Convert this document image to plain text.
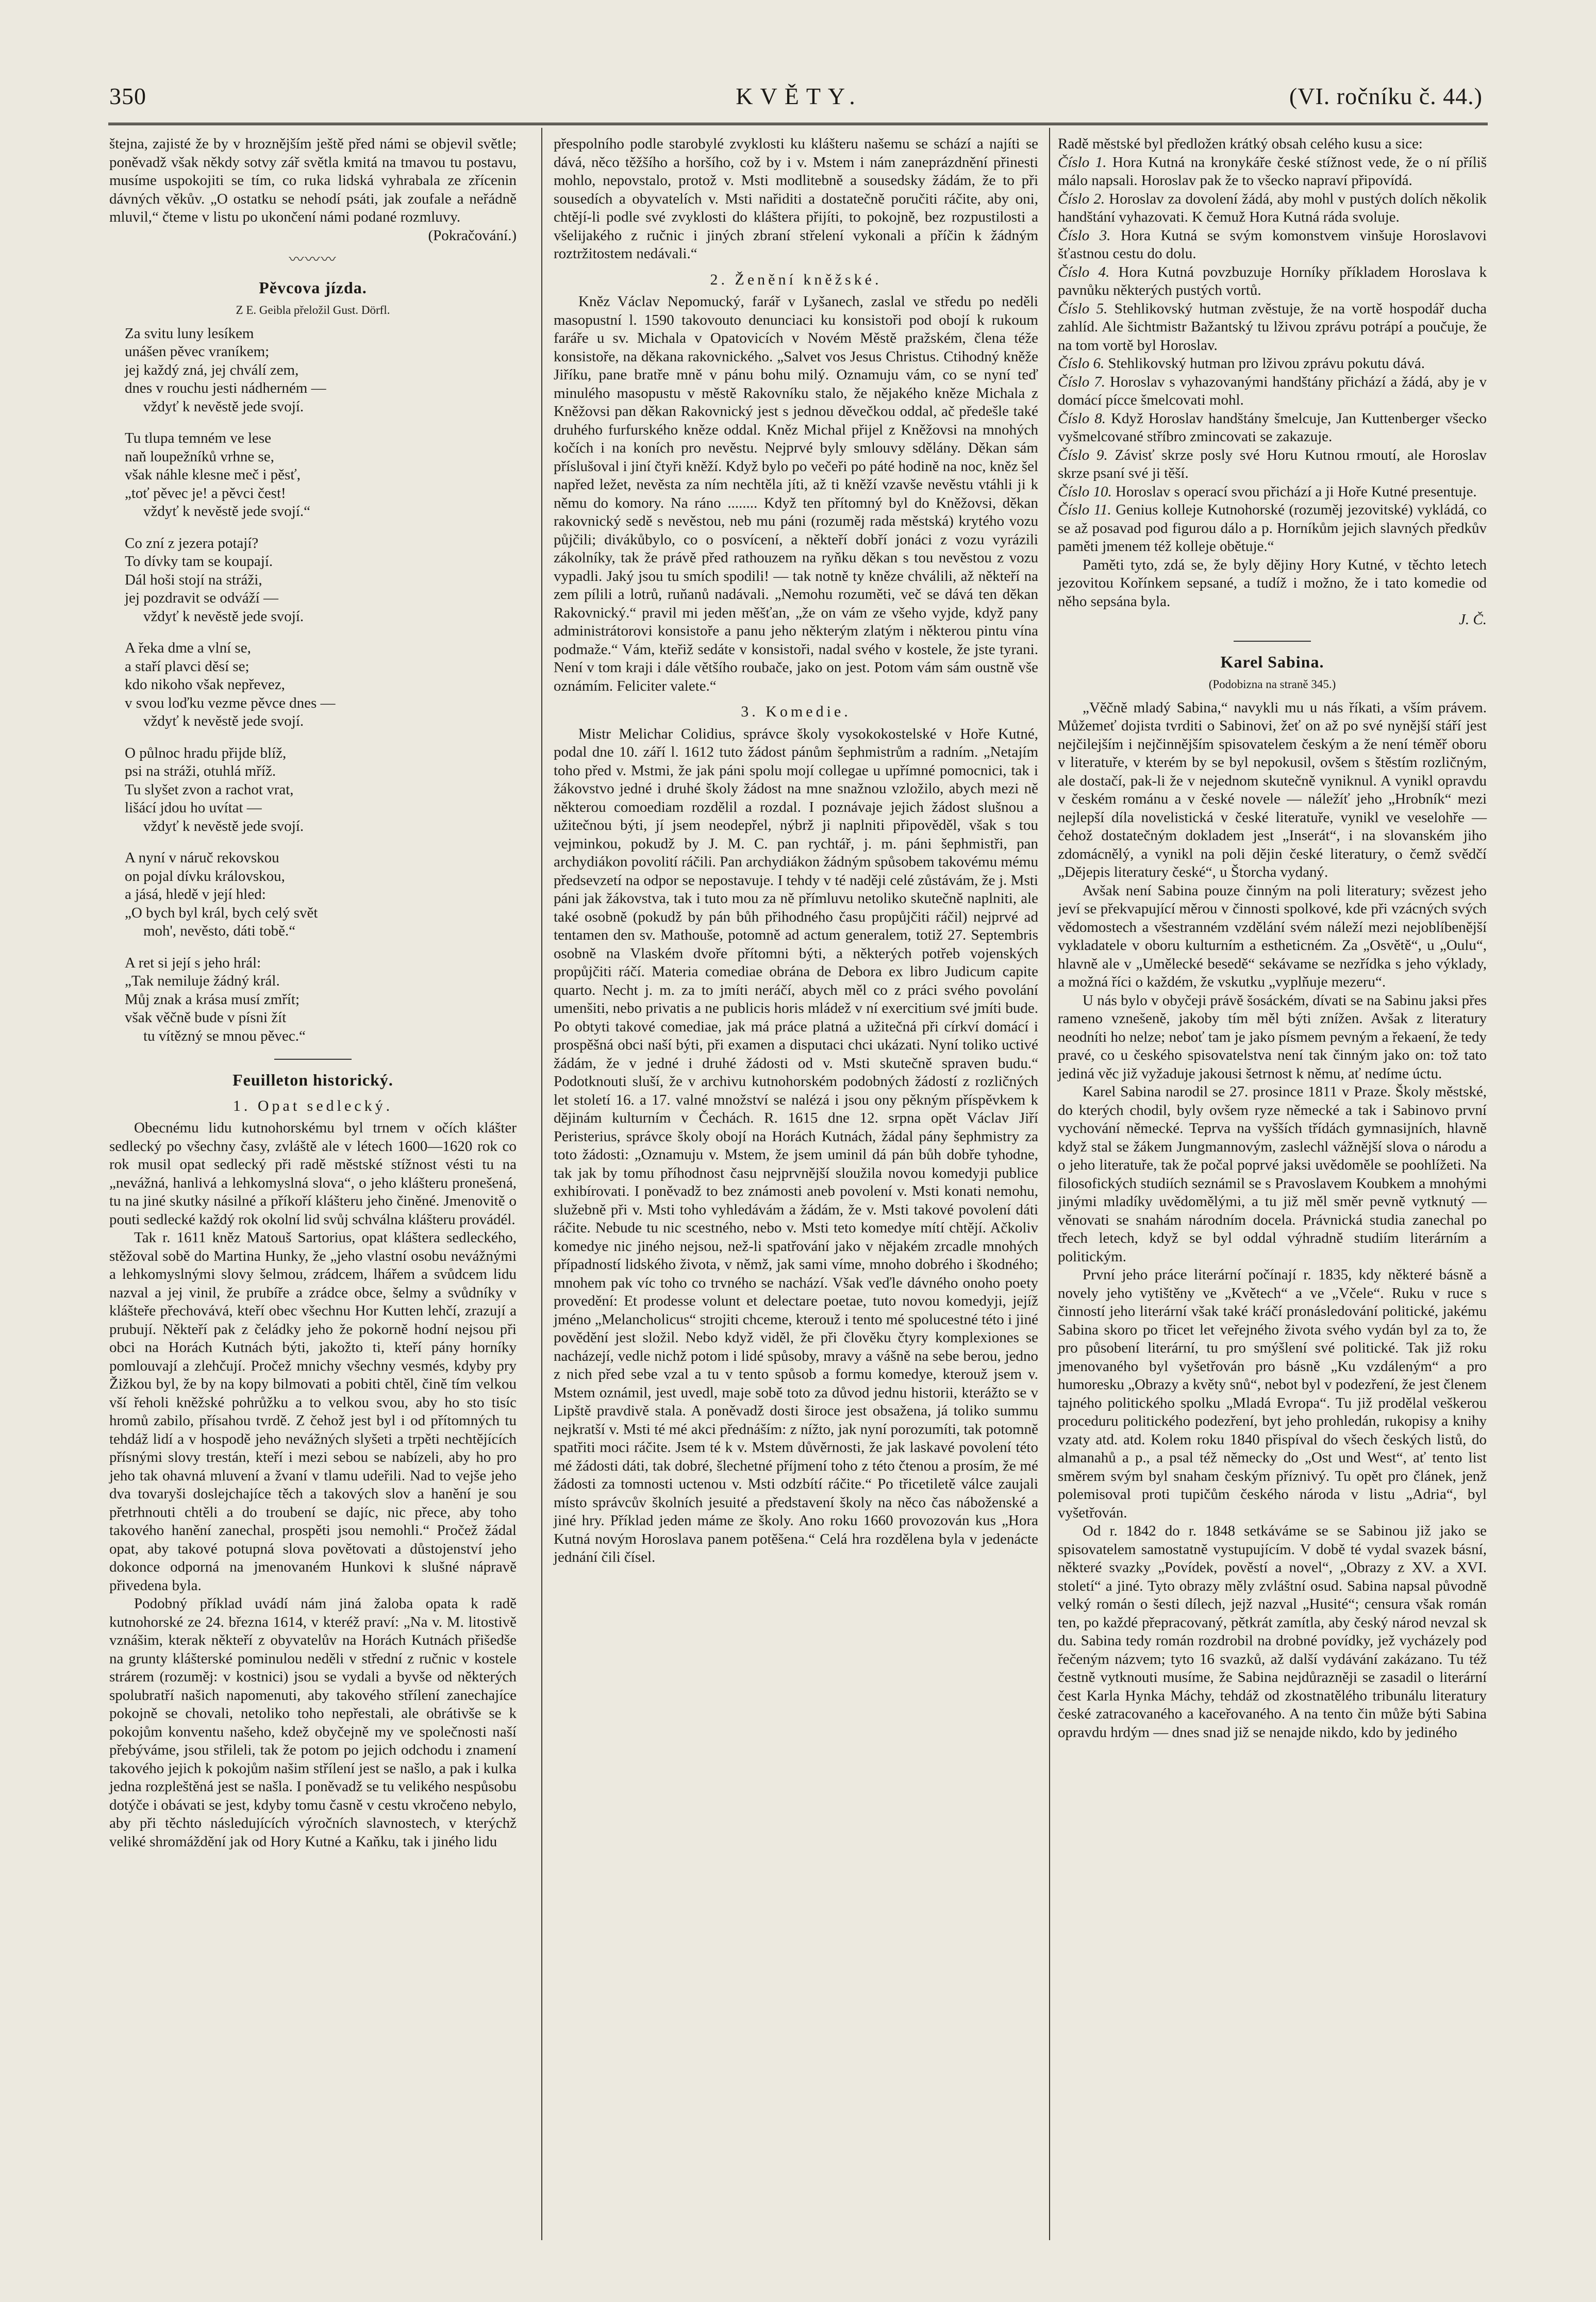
350	KVĚTY.	(VI. ročníku č. 44.)

štejna, zajisté že by v hroznějším ještě před námi se objevil světle; poněvadž však někdy sotvy zář světla kmitá na tmavou tu postavu, musíme uspokojiti se tím, co ruka lidská vyhrabala ze zřícenin dávných věkův. „O ostatku se nehodí psáti, jak zoufale a neřádně mluvil,“ čteme v listu po ukončení námi podané rozmluvy.

(Pokračování.)

〰〰〰

Pěvcova jízda.

Z E. Geibla přeložil Gust. Dörfl.

Za svitu luny lesíkem
unášen pěvec vraníkem;
jej každý zná, jej chválí zem,
dnes v rouchu jesti nádherném —
vždyť k nevěstě jede svojí.
Tu tlupa temném ve lese
naň loupežníků vrhne se,
však náhle klesne meč i pěsť,
„toť pěvec je! a pěvci čest!
vždyť k nevěstě jede svojí.“
Co zní z jezera potají?
To dívky tam se koupají.
Dál hoši stojí na stráži,
jej pozdravit se odváží —
vždyť k nevěstě jede svojí.
A řeka dme a vlní se,
a staří plavci děsí se;
kdo nikoho však nepřevez,
v svou loďku vezme pěvce dnes —
vždyť k nevěstě jede svojí.
O půlnoc hradu přijde blíž,
psi na stráži, otuhlá mříž.
Tu slyšet zvon a rachot vrat,
lišácí jdou ho uvítat —
vždyť k nevěstě jede svojí.
A nyní v náruč rekovskou
on pojal dívku královskou,
a jásá, hledě v její hled:
„O bych byl král, bych celý svět
moh', nevěsto, dáti tobě.“
A ret si její s jeho hrál:
„Tak nemiluje žádný král.
Můj znak a krása musí zmřít;
však věčně bude v písni žít
tu vítězný se mnou pěvec.“

Feuilleton historický.

1. Opat sedlecký.

Obecnému lidu kutnohorskému byl trnem v očích klášter sedlecký po všechny časy, zvláště ale v létech 1600—1620 rok co rok musil opat sedlecký při radě městské stížnost vésti tu na „nevážná, hanlivá a lehkomyslná slova“, o jeho klášteru pronešená, tu na jiné skutky násilné a příkoří klášteru jeho činěné. Jmenovitě o pouti sedlecké každý rok okolní lid svůj schválna klášteru provádél.

Tak r. 1611 kněz Matouš Sartorius, opat kláštera sedleckého, stěžoval sobě do Martina Hunky, že „jeho vlastní osobu nevážnými a lehkomyslnými slovy šelmou, zrádcem, lhářem a svůdcem lidu nazval a jej vinil, že prubíře a zrádce obce, šelmy a svůdníky v klášteře přechovává, kteří obec všechnu Hor Kutten lehčí, zrazují a prubují. Někteří pak z čeládky jeho že pokorně hodní nejsou při obci na Horách Kutnách býti, jakožto ti, kteří pány horníky pomlouvají a zlehčují. Pročež mnichy všechny vesmés, kdyby pry Žižkou byl, že by na kopy bilmovati a pobiti chtěl, čině tím velkou vší řeholi kněžské pohrůžku a to velkou svou, aby ho sto tisíc hromů zabilo, přísahou tvrdě. Z čehož jest byl i od přítomných tu tehdáž lidí a v hospodě jeho nevážných slyšeti a trpěti nechtějících přísnými slovy trestán, kteří i mezi sebou se nabízeli, aby ho pro jeho tak ohavná mluvení a žvaní v tlamu udeřili. Nad to vejše jeho dva tovaryši doslejchajíce těch a takových slov a hanění je sou přetrhnouti chtěli a do troubení se dajíc, nic přece, aby toho takového hanění zanechal, prospěti jsou nemohli.“ Pročež žádal opat, aby takové potupná slova povětovati a důstojenství jeho dokonce odporná na jmenovaném Hunkovi k slušné nápravě přivedena byla.

Podobný příklad uvádí nám jiná žaloba opata k radě kutnohorské ze 24. března 1614, v kteréž praví: „Na v. M. litostivě vznášim, kterak někteří z obyvatelův na Horách Kutnách přišedše na grunty klášterské pominulou neděli v střední z ručnic v kostele strárem (rozuměj: v kostnici) jsou se vydali a byvše od některých spolubratří našich napomenuti, aby takového střílení zanechajíce pokojně se chovali, netoliko toho nepřestali, ale obrátivše se k pokojům konventu našeho, kdež obyčejně my ve společnosti naší přebýváme, jsou střileli, tak že potom po jejich odchodu i znamení takového jejich k pokojům našim střílení jest se našlo, a pak i kulka jedna rozpleštěná jest se našla. I poněvadž se tu velikého nespůsobu dotýče i obávati se jest, kdyby tomu časně v cestu vkročeno nebylo, aby při těchto následujících výročních slavnostech, v kterýchž veliké shromáždění jak od Hory Kutné a Kaňku, tak i jiného lidu

přespolního podle starobylé zvyklosti ku klášteru našemu se schází a najíti se dává, něco těžšího a horšího, což by i v. Mstem i nám zaneprázdnění přinesti mohlo, nepovstalo, protož v. Msti modlitebně a sousedsky žádám, že to při sousedích a obyvatelích v. Msti nařiditi a dostatečně poručiti ráčite, aby oni, chtějí-li podle své zvyklosti do kláštera přijíti, to pokojně, bez rozpustilosti a všelijakého z ručnic i jiných zbraní střelení vykonali a příčin k žádným roztržitostem nedávali.“

2. Ženění kněžské.

Kněz Václav Nepomucký, farář v Lyšanech, zaslal ve středu po neděli masopustní l. 1590 takovouto denunciaci ku konsistoři pod obojí k rukoum faráře u sv. Michala v Opatovicích v Novém Městě pražském, člena téže konsistoře, na děkana rakovnického. „Salvet vos Jesus Christus. Ctihodný kněže Jiříku, pane bratře mně v pánu bohu milý. Oznamuju vám, co se nyní teď minulého masopustu v městě Rakovníku stalo, že nějakého kněze Michala z Kněžovsi pan děkan Rakovnický jest s jednou děvečkou oddal, ač předešle také druhého furfurského kněze oddal. Kněz Michal přijel z Kněžovsi na mnohých kočích i na koních pro nevěstu. Nejprvé byly smlouvy sdělány. Děkan sám příslušoval i jiní čtyři kněží. Když bylo po večeři po páté hodině na noc, kněz šel napřed ležet, nevěsta za ním nechtěla jíti, až ti kněží vzavše nevěstu vtáhli ji k němu do komory. Na ráno ........ Když ten přítomný byl do Kněžovsi, děkan rakovnický sedě s nevěstou, neb mu páni (rozuměj rada městská) krytého vozu půjčili; divákůbylo, co o posvícení, a někteří dobří jonáci z vozu vyrázili zákolníky, tak že právě před rathouzem na ryňku děkan s tou nevěstou z vozu vypadli. Jaký jsou tu smích spodili! — tak notně ty kněze chválili, až někteří na zem pílili a lotrů, ruňanů nadávali. „Nemohu rozuměti, več se dává ten děkan Rakovnický.“ pravil mi jeden měšťan, „že on vám ze všeho vyjde, když pany administrátorovi konsistoře a panu jeho některým zlatým i některou pintu vína podmaže.“ Vám, kteřiž sedáte v konsistoři, nadal svého v kostele, že jste tyrani. Není v tom kraji i dále většího roubače, jako on jest. Potom vám sám oustně vše oznámím. Feliciter valete.“

3. Komedie.

Mistr Melichar Colidius, správce školy vysokokostelské v Hoře Kutné, podal dne 10. září l. 1612 tuto žádost pánům šephmistrům a radním. „Netajím toho před v. Mstmi, že jak páni spolu mojí collegae u upřímné pomocnici, tak i žákovstvo jedné i druhé školy žádost na mne snažnou vzložilo, abych mezi ně některou comoediam rozdělil a rozdal. I poznávaje jejich žádost slušnou a užitečnou býti, jí jsem neodepřel, nýbrž ji naplniti připověděl, však s tou vejminkou, pokudž by J. M. C. pan rychtář, j. m. páni šephmistři, pan archydiákon povolití ráčili. Pan archydiákon žádným spůsobem takovému mému předsevzetí na odpor se nepostavuje. I tehdy v té naději celé zůstávám, že j. Msti páni jak žákovstva, tak i tuto mou za ně přímluvu netoliko skutečně naplniti, ale také osobně (pokudž by pán bůh přihodného času propůjčiti ráčil) nejprvé ad tentamen den sv. Mathouše, potomně ad actum generalem, totiž 27. Septembris osobně na Vlaském dvoře přítomni býti, a některých potřeb vojenských propůjčiti ráčí. Materia comediae obrána de Debora ex libro Judicum capite quarto. Necht j. m. za to jmíti neráčí, abych měl co z práci svého povolání umenšiti, nebo privatis a ne publicis horis mládež v ní exercitium své jmíti bude. Po obtyti takové comediae, jak má práce platná a užitečná při církví domácí i prospěšná obci naší býti, při examen a disputaci chci ukázati. Nyní toliko uctivé žádám, že v jedné i druhé žádosti od v. Msti skutečně spraven budu.“ Podotknouti sluší, že v archivu kutnohorském podobných žádostí z rozličných let století 16. a 17. valné množství se nalézá i jsou ony pěkným příspěvkem k dějinám kulturním v Čechách. R. 1615 dne 12. srpna opět Václav Jiří Peristerius, správce školy obojí na Horách Kutnách, žádal pány šephmistry za toto žádosti: „Oznamuju v. Mstem, že jsem uminil dá pán bůh dobře tyhodne, tak jak by tomu příhodnost času nejprvnější sloužila novou komedyji publice exhibírovati. I poněvadž to bez známosti aneb povolení v. Msti konati nemohu, služebně při v. Msti toho vyhledávám a žádám, že v. Msti takové povolení dáti ráčite. Nebude tu nic scestného, nebo v. Msti teto komedye mítí chtějí. Ačkoliv komedye nic jiného nejsou, než-li spatřování jako v nějakém zrcadle mnohých případností lidského života, v němž, jak sami víme, mnoho dobrého i škodného; mnohem pak víc toho co trvného se nachází. Však veďle dávného onoho poety provedění: Et prodesse volunt et delectare poetae, tuto novou komedyji, jejíž jméno „Melancholicus“ strojiti chceme, kterouž i tento mé spolucestné této i jiné povědění jest složil. Nebo když viděl, že při člověku čtyry komplexiones se nacházejí, vedle nichž potom i lidé spůsoby, mravy a vášně na sebe berou, jedno z nich před sebe vzal a tu v tento spůsob a formu komedye, kterouž jsem v. Mstem oznámil, jest uvedl, maje sobě toto za důvod jednu historii, kterážto se v Lipště pravdivě stala. A poněvadž dosti široce jest obsažena, já toliko summu nejkratší v. Msti té mé akci přednáším: z nížto, jak nyní porozumíti, tak potomně spatřiti moci ráčite. Jsem té k v. Mstem důvěrnosti, že jak laskavé povolení této mé žádosti dáti, tak dobré, šlechetné příjmení toho z této čtenou a prosím, že mé žádosti za tomnosti uctenou v. Msti odzbítí ráčite.“ Po třicetiletě válce zaujali místo správcův školních jesuité a představení školy na něco čas náboženské a jiné hry. Příklad jeden máme ze školy. Ano roku 1660 provozován kus „Hora Kutná novým Horoslava panem potěšena.“ Celá hra rozdělena byla v jedenácte jednání čili čísel.

Radě městské byl předložen krátký obsah celého kusu a sice:

Číslo 1. Hora Kutná na kronykáře české stížnost vede, že o ní příliš málo napsali. Horoslav pak že to všecko napraví připovídá.

Číslo 2. Horoslav za dovolení žádá, aby mohl v pustých dolích několik handštání vyhazovati. K čemuž Hora Kutná ráda svoluje.

Číslo 3. Hora Kutná se svým komonstvem vinšuje Horoslavovi šťastnou cestu do dolu.

Číslo 4. Hora Kutná povzbuzuje Horníky příkladem Horoslava k pavnůku některých pustých vortů.

Číslo 5. Stehlikovský hutman zvěstuje, že na vortě hospodář ducha zahlíd. Ale šichtmistr Bažantský tu lživou zprávu potrápí a poučuje, že na tom vortě byl Horoslav.

Číslo 6. Stehlikovský hutman pro lživou zprávu pokutu dává.

Číslo 7. Horoslav s vyhazovanými handštány přichází a žádá, aby je v domácí pícce šmelcovati mohl.

Číslo 8. Když Horoslav handštány šmelcuje, Jan Kuttenberger všecko vyšmelcované stříbro zmincovati se zakazuje.

Číslo 9. Závisť skrze posly své Horu Kutnou rmoutí, ale Horoslav skrze psaní své ji těší.

Číslo 10. Horoslav s operací svou přichází a ji Hoře Kutné presentuje.

Číslo 11. Genius kolleje Kutnohorské (rozuměj jezovitské) vykládá, co se až posavad pod figurou dálo a p. Horníkům jejich slavných předkův paměti jmenem též kolleje obětuje.“

Paměti tyto, zdá se, že byly dějiny Hory Kutné, v těchto letech jezovitou Kořínkem sepsané, a tudíž i možno, že i tato komedie od něho sepsána byla.

J. Č.

Karel Sabina.

(Podobizna na straně 345.)

„Věčně mladý Sabina,“ navykli mu u nás říkati, a vším právem. Můžemeť dojista tvrditi o Sabinovi, žeť on až po své nynější stáří jest nejčilejším i nejčinnějším spisovatelem českým a že není téměř oboru v literatuře, v kterém by se byl nepokusil, ovšem s štěstím rozličným, ale dostačí, pak-li že v nejednom skutečně vyniknul. A vynikl opravdu v českém románu a v české novele — náležíť jeho „Hrobník“ mezi nejlepší díla novelistická v české literatuře, vynikl ve veselohře — čehož dostatečným dokladem jest „Inserát“, i na slovanském jiho zdomácnělý, a vynikl na poli dějin české literatury, o čemž svědčí „Dějepis literatury české“, u Štorcha vydaný.

Avšak není Sabina pouze činným na poli literatury; svězest jeho jeví se překvapující měrou v činnosti spolkové, kde při vzácných svých vědomostech a všestranném vzdělání svém náleží mezi nejoblíbenější vykladatele v oboru kulturním a estheticném. Za „Osvětě“, u „Oulu“, hlavně ale v „Umělecké besedě“ sekávame se nezřídka s jeho výklady, a možná říci o každém, že vskutku „vyplňuje mezeru“.

U nás bylo v obyčeji právě šosáckém, dívati se na Sabinu jaksi přes rameno vznešeně, jakoby tím měl býti znížen. Avšak z literatury neodníti ho nelze; neboť tam je jako písmem pevným a řekaení, že tedy pravé, co u českého spisovatelstva není tak činným jako on: tož tato jediná věc již vyžaduje jakousi šetrnost k němu, ať nedíme úctu.

Karel Sabina narodil se 27. prosince 1811 v Praze. Školy městské, do kterých chodil, byly ovšem ryze německé a tak i Sabinovo první vychování německé. Teprva na vyšších třídách gymnasijních, hlavně když stal se žákem Jungmannovým, zaslechl vážnější slova o národu a o jeho literatuře, tak že počal poprvé jaksi uvědoměle se poohlížeti. Na filosofických studiích seznámil se s Pravoslavem Koubkem a mnohými jinými mladíky uvědomělými, a tu již měl směr pevně vytknutý — věnovati se snahám národním docela. Právnická studia zanechal po třech letech, když se byl oddal výhradně studiím literárním a politickým.

První jeho práce literární počínají r. 1835, kdy některé básně a novely jeho vytištěny ve „Květech“ a ve „Včele“. Ruku v ruce s činností jeho literární však také kráčí pronásledování politické, jakému Sabina skoro po třicet let veřejného života svého vydán byl za to, že pro působení literární, tu pro smýšlení své politické. Tak již roku jmenovaného byl vyšetřován pro básně „Ku vzdáleným“ a pro humoresku „Obrazy a květy snů“, nebot byl v podezření, že jest členem tajného politického spolku „Mladá Evropa“. Tu již prodělal veškerou proceduru politického podezření, byt jeho prohledán, rukopisy a knihy vzaty atd. atd. Kolem roku 1840 přispíval do všech českých listů, do almanahů a p., a psal též německy do „Ost und West“, ať tento list směrem svým byl snaham českým příznivý. Tu opět pro článek, jenž polemisoval proti tupičům českého národa v listu „Adria“, byl vyšetřován.

Od r. 1842 do r. 1848 setkáváme se se Sabinou již jako se spisovatelem samostatně vystupujícím. V době té vydal svazek básní, některé svazky „Povídek, pověstí a novel“, „Obrazy z XV. a XVI. století“ a jiné. Tyto obrazy měly zvláštní osud. Sabina napsal původně velký román o šesti dílech, jejž nazval „Husité“; censura však román ten, po každé přepracovaný, pětkrát zamítla, aby český národ nevzal sk du. Sabina tedy román rozdrobil na drobné povídky, jež vycházely pod řečeným názvem; tyto 16 svazků, až další vydávání zakázano. Tu též čestně vytknouti musíme, že Sabina nejdůrazněji se zasadil o literární čest Karla Hynka Máchy, tehdáž od zkostnatělého tribunálu literatury české zatracovaného a kaceřovaného. A na tento čin může býti Sabina opravdu hrdým — dnes snad již se nenajde nikdo, kdo by jediného
